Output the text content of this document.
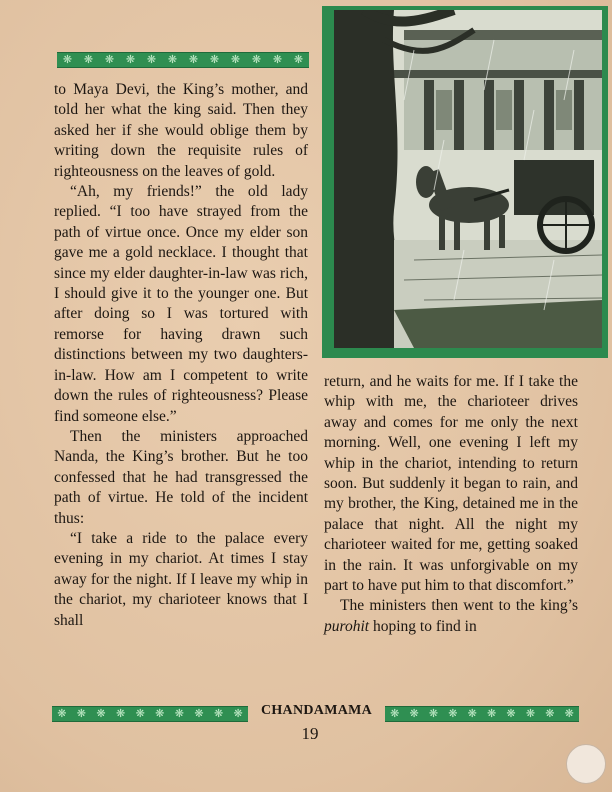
❋ ❋ ❋ ❋ ❋ ❋ ❋ ❋ ❋ ❋ ❋ ❋

to Maya Devi, the King’s mother, and told her what the king said. Then they asked her if she would oblige them by writing down the requisite rules of righteousness on the leaves of gold.

“Ah, my friends!” the old lady replied. “I too have strayed from the path of virtue once. Once my elder son gave me a gold necklace. I thought that since my elder daughter-in-law was rich, I should give it to the younger one. But after doing so I was tortured with remorse for having drawn such distinctions between my two daughters-in-law. How am I competent to write down the rules of righteousness? Please find someone else.”

Then the ministers approached Nanda, the King’s brother. But he too confessed that he had transgressed the path of virtue. He told of the incident thus:

“I take a ride to the palace every evening in my chariot. At times I stay away for the night. If I leave my whip in the chariot, my charioteer knows that I shall

return, and he waits for me. If I take the whip with me, the charioteer drives away and comes for me only the next morning. Well, one evening I left my whip in the chariot, intending to return soon. But suddenly it began to rain, and my brother, the King, detained me in the palace that night. All the night my charioteer waited for me, getting soaked in the rain. It was unforgivable on my part to have put him to that discomfort.”

The ministers then went to the king’s purohit hoping to find in

❋ ❋ ❋ ❋ ❋ ❋ ❋ ❋ ❋ ❋	CHANDAMAMA	❋ ❋ ❋ ❋ ❋ ❋ ❋ ❋ ❋ ❋
19
